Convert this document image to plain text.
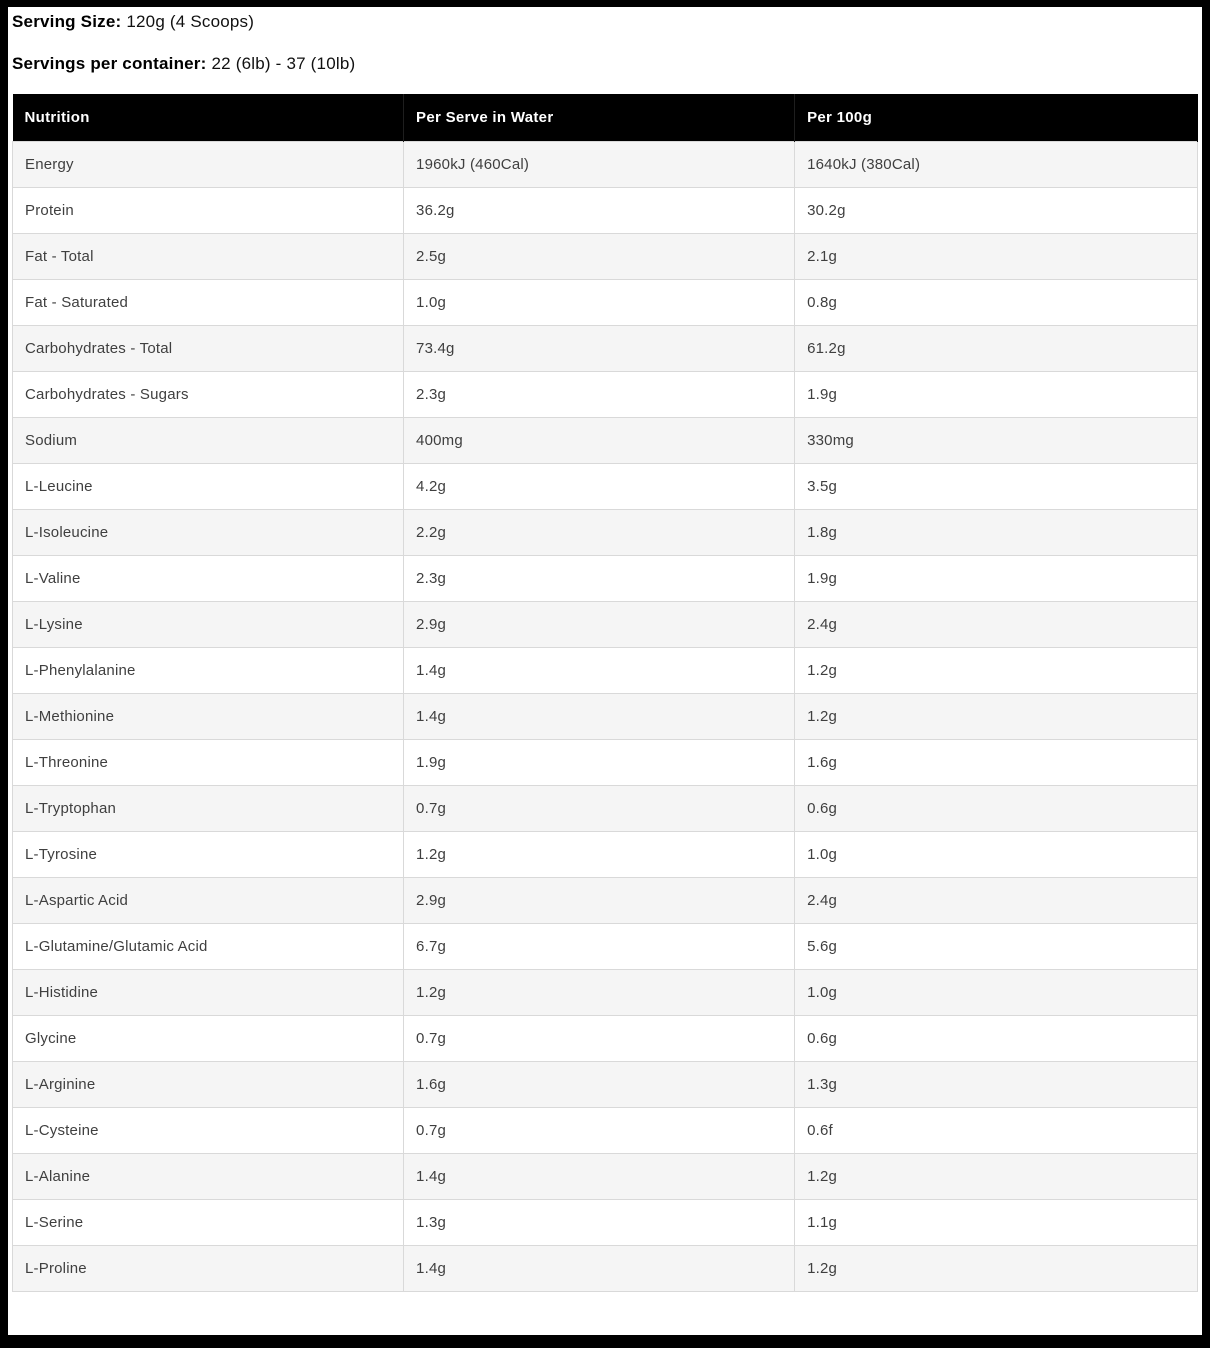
Serving Size: 120g (4 Scoops)
Servings per container: 22 (6lb) - 37 (10lb)
Nutrition	Per Serve in Water	Per 100g
Energy	1960kJ (460Cal)	1640kJ (380Cal)
Protein	36.2g	30.2g
Fat - Total	2.5g	2.1g
Fat - Saturated	1.0g	0.8g
Carbohydrates - Total	73.4g	61.2g
Carbohydrates - Sugars	2.3g	1.9g
Sodium	400mg	330mg
L-Leucine	4.2g	3.5g
L-Isoleucine	2.2g	1.8g
L-Valine	2.3g	1.9g
L-Lysine	2.9g	2.4g
L-Phenylalanine	1.4g	1.2g
L-Methionine	1.4g	1.2g
L-Threonine	1.9g	1.6g
L-Tryptophan	0.7g	0.6g
L-Tyrosine	1.2g	1.0g
L-Aspartic Acid	2.9g	2.4g
L-Glutamine/Glutamic Acid	6.7g	5.6g
L-Histidine	1.2g	1.0g
Glycine	0.7g	0.6g
L-Arginine	1.6g	1.3g
L-Cysteine	0.7g	0.6f
L-Alanine	1.4g	1.2g
L-Serine	1.3g	1.1g
L-Proline	1.4g	1.2g
